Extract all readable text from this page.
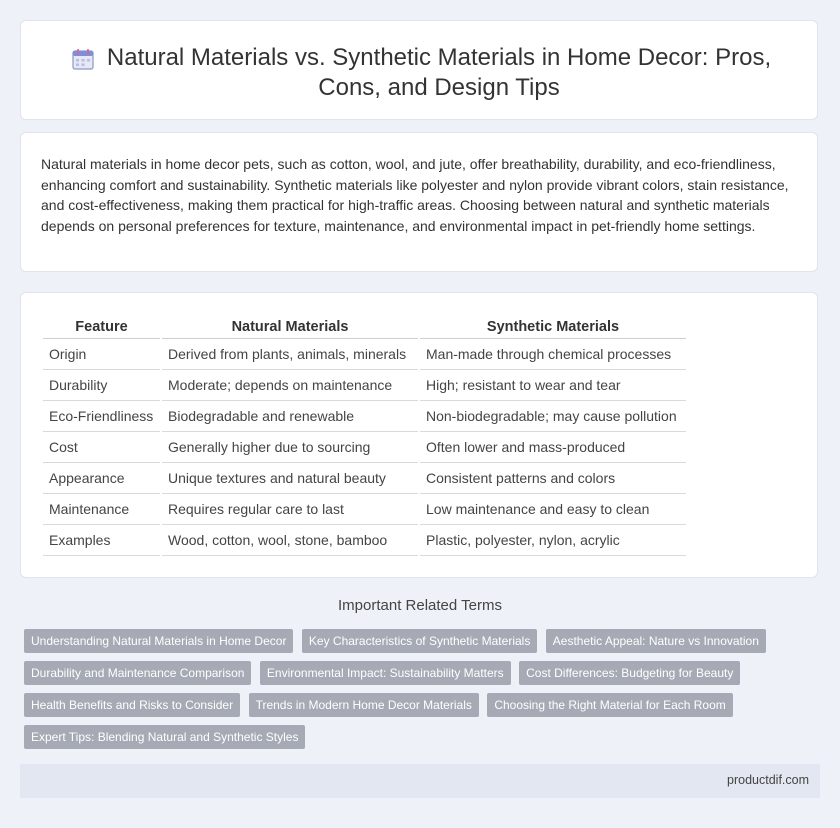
Natural Materials vs. Synthetic Materials in Home Decor: Pros, Cons, and Design Tips

Natural materials in home decor pets, such as cotton, wool, and jute, offer breathability, durability, and eco-friendliness, enhancing comfort and sustainability. Synthetic materials like polyester and nylon provide vibrant colors, stain resistance, and cost-effectiveness, making them practical for high-traffic areas. Choosing between natural and synthetic materials depends on personal preferences for texture, maintenance, and environmental impact in pet-friendly home settings.

Feature	Natural Materials	Synthetic Materials
Origin	Derived from plants, animals, minerals	Man-made through chemical processes
Durability	Moderate; depends on maintenance	High; resistant to wear and tear
Eco-Friendliness	Biodegradable and renewable	Non-biodegradable; may cause pollution
Cost	Generally higher due to sourcing	Often lower and mass-produced
Appearance	Unique textures and natural beauty	Consistent patterns and colors
Maintenance	Requires regular care to last	Low maintenance and easy to clean
Examples	Wood, cotton, wool, stone, bamboo	Plastic, polyester, nylon, acrylic
Important Related Terms
Understanding Natural Materials in Home Decor Key Characteristics of Synthetic Materials Aesthetic Appeal: Nature vs Innovation Durability and Maintenance Comparison Environmental Impact: Sustainability Matters Cost Differences: Budgeting for Beauty Health Benefits and Risks to Consider Trends in Modern Home Decor Materials Choosing the Right Material for Each Room Expert Tips: Blending Natural and Synthetic Styles
productdif.com
